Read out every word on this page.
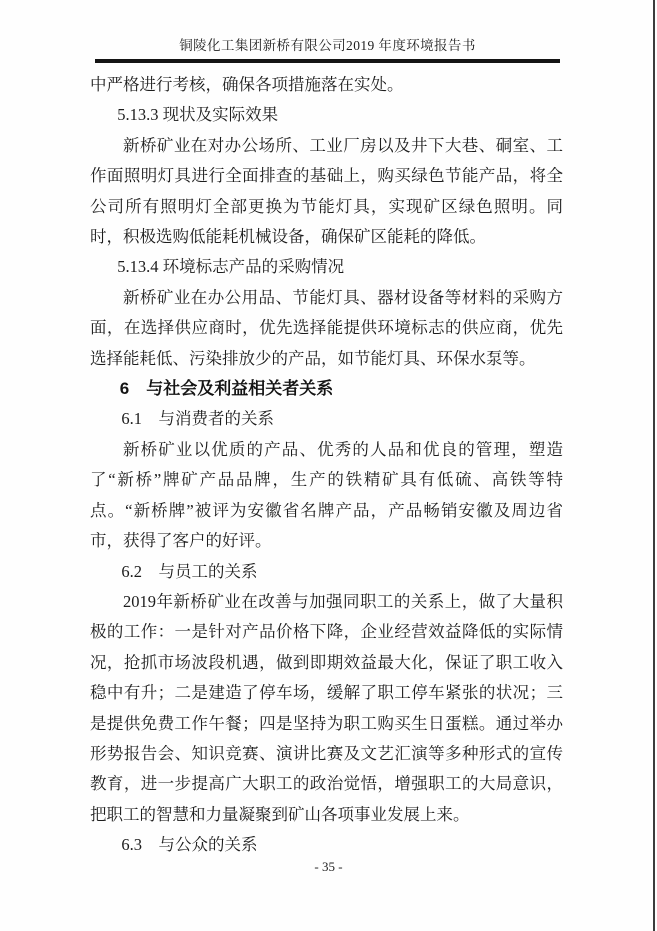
铜陵化工集团新桥有限公司2019 年度环境报告书

中严格进行考核，确保各项措施落在实处。

5.13.3 现状及实际效果

新桥矿业在对办公场所、工业厂房以及井下大巷、硐室、工作面照明灯具进行全面排查的基础上，购买绿色节能产品，将全公司所有照明灯全部更换为节能灯具，实现矿区绿色照明。同时，积极选购低能耗机械设备，确保矿区能耗的降低。

5.13.4 环境标志产品的采购情况

新桥矿业在办公用品、节能灯具、器材设备等材料的采购方面，在选择供应商时，优先选择能提供环境标志的供应商，优先选择能耗低、污染排放少的产品，如节能灯具、环保水泵等。

6　与社会及利益相关者关系

6.1　与消费者的关系

新桥矿业以优质的产品、优秀的人品和优良的管理，塑造了“新桥”牌矿产品品牌，生产的铁精矿具有低硫、高铁等特点。“新桥牌”被评为安徽省名牌产品，产品畅销安徽及周边省市，获得了客户的好评。

6.2　与员工的关系

2019年新桥矿业在改善与加强同职工的关系上，做了大量积极的工作：一是针对产品价格下降，企业经营效益降低的实际情况，抢抓市场波段机遇，做到即期效益最大化，保证了职工收入稳中有升；二是建造了停车场，缓解了职工停车紧张的状况；三是提供免费工作午餐；四是坚持为职工购买生日蛋糕。通过举办形势报告会、知识竞赛、演讲比赛及文艺汇演等多种形式的宣传教育，进一步提高广大职工的政治觉悟，增强职工的大局意识，把职工的智慧和力量凝聚到矿山各项事业发展上来。

6.3　与公众的关系

- 35 -
